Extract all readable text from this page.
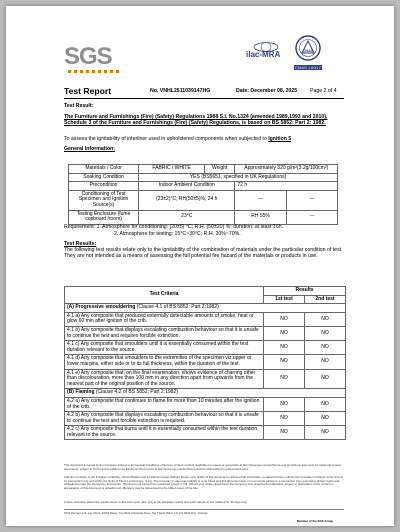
SGS	ilac-MRA	CNAS
CNAS L0017
Test Report	No. VNHL2511039147HG	Date: December 08, 2025 Page 2 of 4
Test Result:
The Furniture and Furnishings (Fire) (Safety) Regulations 1988 S.I. No.1324 (amended 1989,1993 and 2010), Schedule 3 of the Furniture and Furnishings (Fire) (Safety) Regulations, is based on BS 5852: Part 2: 1982.
To assess the ignitability of interliner used in upholstered components when subjected to Ignition 5
General Information:
Materials / Color	FABRIC / WHITE	Weight	Approximately 320 g/m²(3.2g/100cm²)	
Soaking Condition	YES (BS5651, specified in UK Regulations)			
Precondition	Indoor Ambient Condition		72 h	
Conditioning of Test Specimen and Ignition Source(s)	(23±2)°C; RH(50±5)%; 24 h		---	---
Testing Enclosure (fume cupboard /room)	23°C		RH 55%	---
Requirement: 1. Atmosphere for conditioning: (20±5) °C; R.H. (50±20) %; duration: at least 16h.
2. Atmosphere for testing: 15°C~30°C; R.H. 20%~70%.
Test Results:
The following test results relate only to the ignitability of the combination of materials under the particular condition of test. They are not intended as a means of assessing the full potential fire hazard of the materials or products in use.
Test Criteria	Results	
	1st test	2nd test
(A) Progressive smouldering (Clause 4.1 of BS 5852: Part 2:1982)		
4.1 a) Any composite that produced externally detectable amounts of smoke, heat or glow 60 min after ignition of the crib.	NO	NO
4.1 b) Any composite that displays escalating combustion behaviour so that it is unsafe to continue the test and requires forcible extinction.	NO	NO
4.1 c) Any composite that smoulders until it is essentially consumed within the test duration relevant to the source.	NO	NO
4.1 d) Any composite that smoulders to the extremities of the specimen viz upper or lower margins, either side or to its full thickness, within the duration of the test.	NO	NO
4.1 e) Any composite that, on the final examination, shows evidence of charring other than discolouration, more than 100 mm in any direction apart from upwards from the nearest part of the original position of the source.	NO	NO
(B) Flaming (Clause 4.2 of BS 5852: Part 2:1982)		
4.2 a) Any composite that continues to flame for more than 10 minutes after the ignition of the crib.	NO	NO
4.2 b) Any composite that displays escalating combustion behaviour so that it is unsafe to continue the test and forcible extinction is required.	NO	NO
4.2 c) Any composite that burns until it is essentially consumed within the test duration relevant to the source.	NO	NO
This document is issued by the Company subject to its General Conditions of Service printed overleaf, available on request or accessible at http://www.sgs.com/en/Terms-and-Conditions.aspx and, for electronic format documents, subject to Terms and Conditions for Electronic Documents at http://www.sgs.com/en/Terms-and-Conditions/Terms-e-Document.aspx.
Attention is drawn to the limitation of liability, indemnification and jurisdiction issues defined therein. Any holder of this document is advised that information contained hereon reflects the Company's findings at the time of its intervention only and within the limits of Client's instructions, if any. The Company's sole responsibility is to its Client and this document does not exonerate parties to a transaction from exercising all their rights and obligations under the transaction documents. This document cannot be reproduced except in full, without prior written approval of the Company. Any unauthorized alteration, forgery or falsification of the content or appearance of this document is unlawful and offenders may be prosecuted to the fullest extent of the law.
Unless otherwise stated the results shown in this test report refer only to the sample(s) tested and such sample(s) are retained for 30 days only.
SGS Vietnam Ltd. Lot I-02/1, 16/04 Street, Tan Binh Industrial Zone, Tay Thanh Ward, Ho Chi Minh City, Vietnam
Member of the SGS Group
